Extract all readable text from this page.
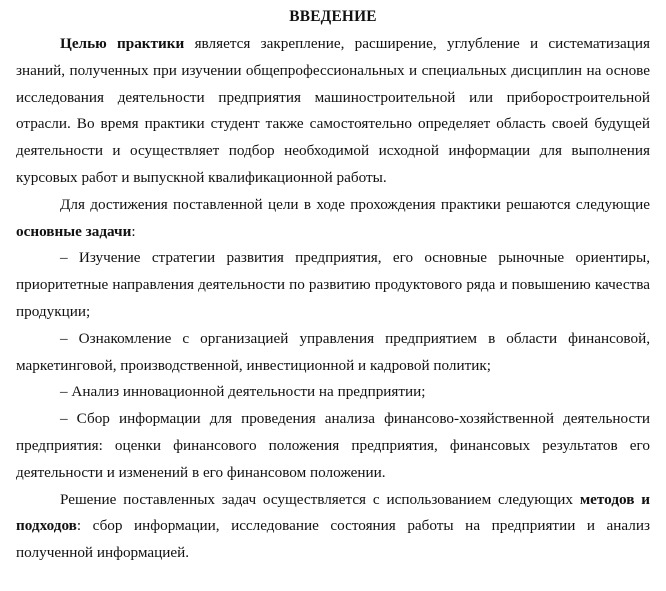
ВВЕДЕНИЕ

Целью практики является закрепление, расширение, углубление и систематизация знаний, полученных при изучении общепрофессиональных и специальных дисциплин на основе исследования деятельности предприятия машиностроительной или приборостроительной отрасли. Во время практики студент также самостоятельно определяет область своей будущей деятельности и осуществляет подбор необходимой исходной информации для выполнения курсовых работ и выпускной квалификационной работы.

Для достижения поставленной цели в ходе прохождения практики решаются следующие основные задачи:

– Изучение стратегии развития предприятия, его основные рыночные ориентиры, приоритетные направления деятельности по развитию продуктового ряда и повышению качества продукции;

– Ознакомление с организацией управления предприятием в области финансовой, маркетинговой, производственной, инвестиционной и кадровой политик;

– Анализ инновационной деятельности на предприятии;

– Сбор информации для проведения анализа финансово-хозяйственной деятельности предприятия: оценки финансового положения предприятия, финансовых результатов его деятельности и изменений в его финансовом положении.

Решение поставленных задач осуществляется с использованием следующих методов и подходов: сбор информации, исследование состояния работы на предприятии и анализ полученной информацией.
